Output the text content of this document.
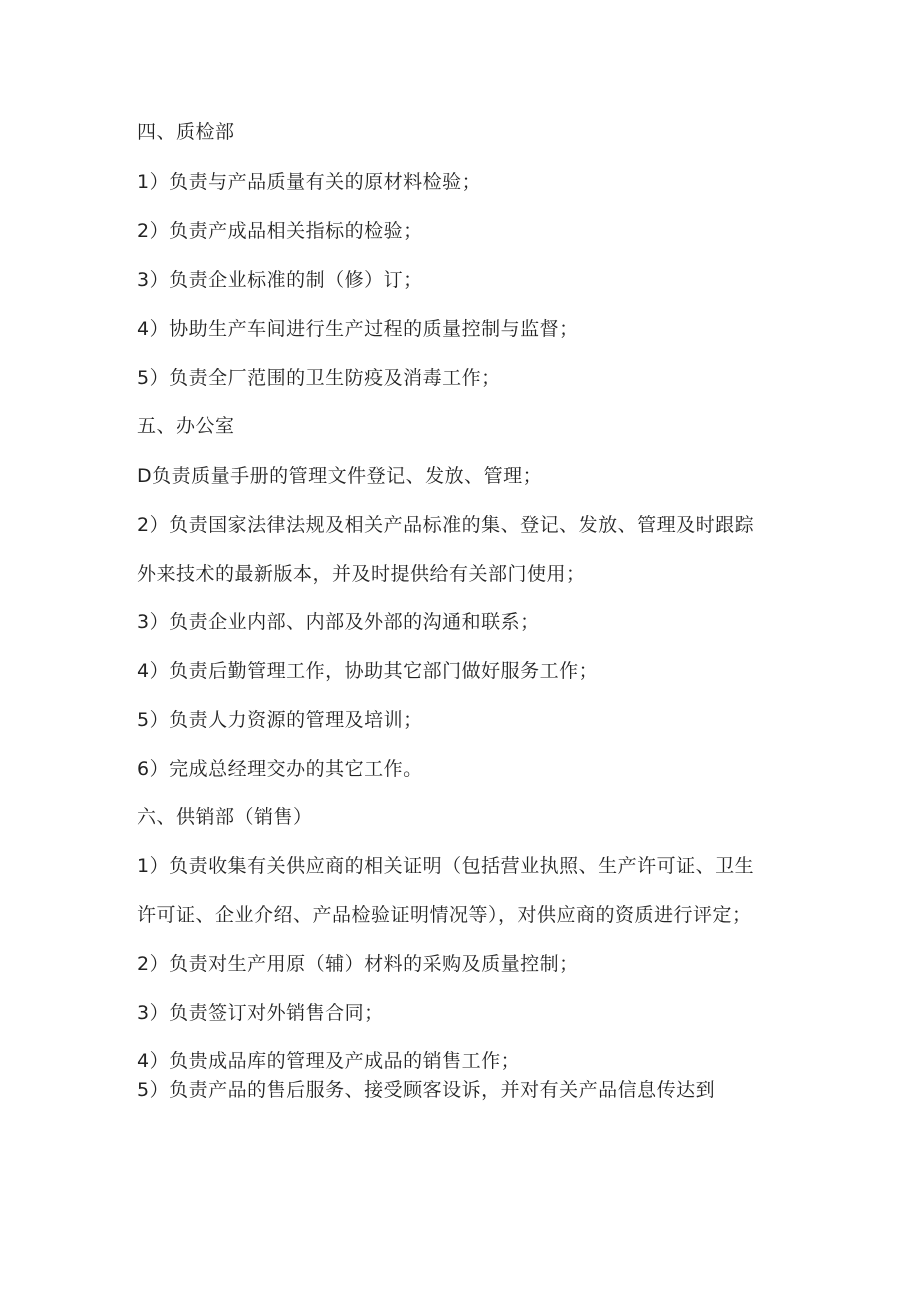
四、质检部
1）负责与产品质量有关的原材料检验；
2）负责产成品相关指标的检验；
3）负责企业标准的制（修）订；
4）协助生产车间进行生产过程的质量控制与监督；
5）负责全厂范围的卫生防疫及消毒工作；
五、办公室
D负责质量手册的管理文件登记、发放、管理；
2）负责国家法律法规及相关产品标准的集、登记、发放、管理及时跟踪
外来技术的最新版本，并及时提供给有关部门使用；
3）负责企业内部、内部及外部的沟通和联系；
4）负责后勤管理工作，协助其它部门做好服务工作；
5）负责人力资源的管理及培训；
6）完成总经理交办的其它工作。
六、供销部（销售）
1）负责收集有关供应商的相关证明（包括营业执照、生产许可证、卫生
许可证、企业介绍、产品检验证明情况等），对供应商的资质进行评定；
2）负责对生产用原（辅）材料的采购及质量控制；
3）负责签订对外销售合同；
4）负贵成品库的管理及产成品的销售工作；
5）负责产品的售后服务、接受顾客设诉，并对有关产品信息传达到
